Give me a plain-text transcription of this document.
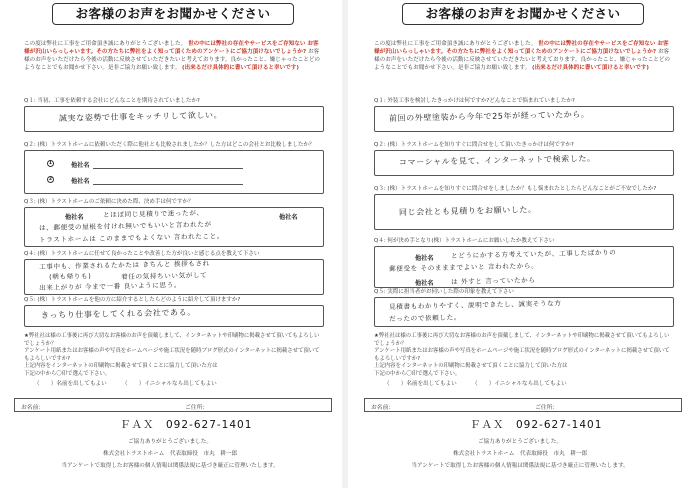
お客様のお声をお聞かせください
この度は弊社に工事をご用命頂き誠にありがとうございました。 世の中には弊社の存在やサービスをご存知ない お客様が沢山いらっしゃいます。その方たちに弊社をよく知って頂くためのアンケートにご協力頂けないでしょうか? お客様のお声をいただけたら今後の活動に反映させていただきたいと考えております。良かったこと、嫌じゃったことどのようなことでもお聞かせ下さい。是非ご協力お願い致します。 (出来るだけ具体的に書いて頂けると幸いです)
Q１: 当初、工事を依頼する会社にどんなことを期待されていましたか?
誠実な姿勢で仕事をキッチリして欲しい。
Q２: (株）トラストホームに依頼いただく際に他社とも比較されましたか？した方はどこの会社とお比較しましたか？
1	他社名
2	他社名
Q３: (株）トラストホームのご依頼に決めた際、決め手は何ですか？
他社名	とほぼ同じ見積りで迷ったが、	他社名
は、郵便受の屋根を付けれ無いでもいいと言われたが
トラストホームは このままでもよくない 言われたこと。
Q４: (株）トラストホームに任せて良かったことや改善した方が良いと感じる点を教えて下さい
工事中も、作業されるたかたは きちんと 挨拶もされ
(朝も帰りも)	着任の気持ちいい気がして
出来上がりが 今まで一番 良いように思う。
Q５: (株）トラストホームを他の方に紹介するとしたらどのように紹介して頂けますか?
きっちり仕事をしてくれる会社である。
★弊社社は様の工事後に再び大切なお客様のお声を頂戴しまして、インターネットや印刷物に掲載させて頂いてもよろしいでしょうか？
アンケート用紙またはお客様の声や写真をホームページや施工状況を随時ブログ形式のインターネットに掲載させて頂いてもよろしいですか?
上記内容をインターネットの印刷物に掲載させて頂くことに協力して頂いた方は
下記の中から〇印で選んで下さい。
（　　）名前を出してもよい	（　　）イニシャルなら出してもよい
お名前：	ご住所：
ＦＡＸ　092-627-1401
ご協力ありがとうございました。
株式会社トラストホーム　代表取締役　市丸　耕一郎
当アンケートで取得したお客様の個人情報は関係法規に基づき厳正に管理いたします。
お客様のお声をお聞かせください
この度は弊社に工事をご用命頂き誠にありがとうございました。 世の中には弊社の存在やサービスをご存知ない お客様が沢山いらっしゃいます。その方たちに弊社をよく知って頂くためのアンケートにご協力頂けないでしょうか? お客様のお声をいただけたら今後の活動に反映させていただきたいと考えております。良かったこと、嫌じゃったことどのようなことでもお聞かせ下さい。是非ご協力お願い致します。 (出来るだけ具体的に書いて頂けると幸いです)
Q１: 外装工事を検討したきっかけは何ですか?どんなことで悩まれていましたか?
前回の外壁塗装から今年で25年が経っていたから。
Q２: (株）トラストホームを知りすぐに問合せをして頂いたきっかけは何ですか?
コマーシャルを見て、インターネットで検索した。
Q３: (株）トラストホームを知りすぐに問合せをしましたか？もし悩まれたとしたらどんなことがご不安でしたか?
同じ会社とも見積りをお願いした。
Q４: 何が決め手となり(株）トラストホームにお願いしたか教えて下さい
他社名	とどうにかする方考えていたが、工事したばかりの
郵便受を そのまままでよいと 言われたから。
他社名	は 外すと 言っていたから
Q５: 実際に担当者がお伺いした際の印象を教えて下さい
見積書もわかりやすく、説明できたし、誠実そうな方
だったので依頼した。
★弊社社は様の工事後に再び大切なお客様のお声を頂戴しまして、インターネットや印刷物に掲載させて頂いてもよろしいでしょうか？
アンケート用紙またはお客様の声や写真をホームページや施工状況を随時ブログ形式のインターネットに掲載させて頂いてもよろしいですか?
上記内容をインターネットの印刷物に掲載させて頂くことに協力して頂いた方は
下記の中から〇印で選んで下さい。
（　　）名前を出してもよい	（　　）イニシャルなら出してもよい
お名前：	ご住所：
ＦＡＸ　092-627-1401
ご協力ありがとうございました。
株式会社トラストホーム　代表取締役　市丸　耕一郎
当アンケートで取得したお客様の個人情報は関係法規に基づき厳正に管理いたします。
